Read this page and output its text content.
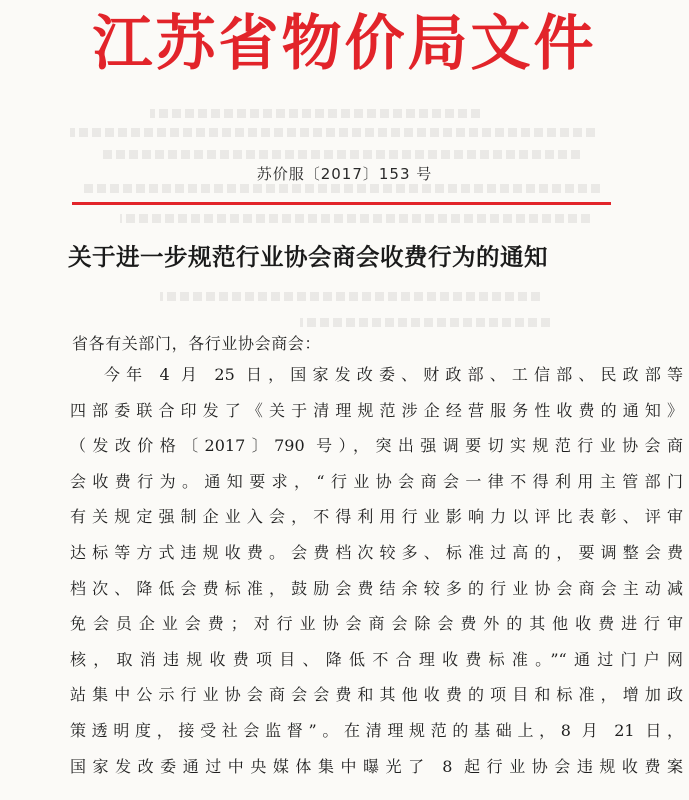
江苏省物价局文件
苏价服〔2017〕153 号
关于进一步规范行业协会商会收费行为的通知
省各有关部门，各行业协会商会：
今年 4 月 25 日，国家发改委、财政部、工信部、民政部等
四部委联合印发了《关于清理规范涉企经营服务性收费的通知》
（发改价格〔2017〕790 号），突出强调要切实规范行业协会商
会收费行为。通知要求，“行业协会商会一律不得利用主管部门
有关规定强制企业入会，不得利用行业影响力以评比表彰、评审
达标等方式违规收费。会费档次较多、标准过高的，要调整会费
档次、降低会费标准，鼓励会费结余较多的行业协会商会主动减
免会员企业会费；对行业协会商会除会费外的其他收费进行审
核，取消违规收费项目、降低不合理收费标准。”“通过门户网
站集中公示行业协会商会会费和其他收费的项目和标准，增加政
策透明度，接受社会监督”。在清理规范的基础上，8 月 21 日，
国家发改委通过中央媒体集中曝光了 8 起行业协会违规收费案
